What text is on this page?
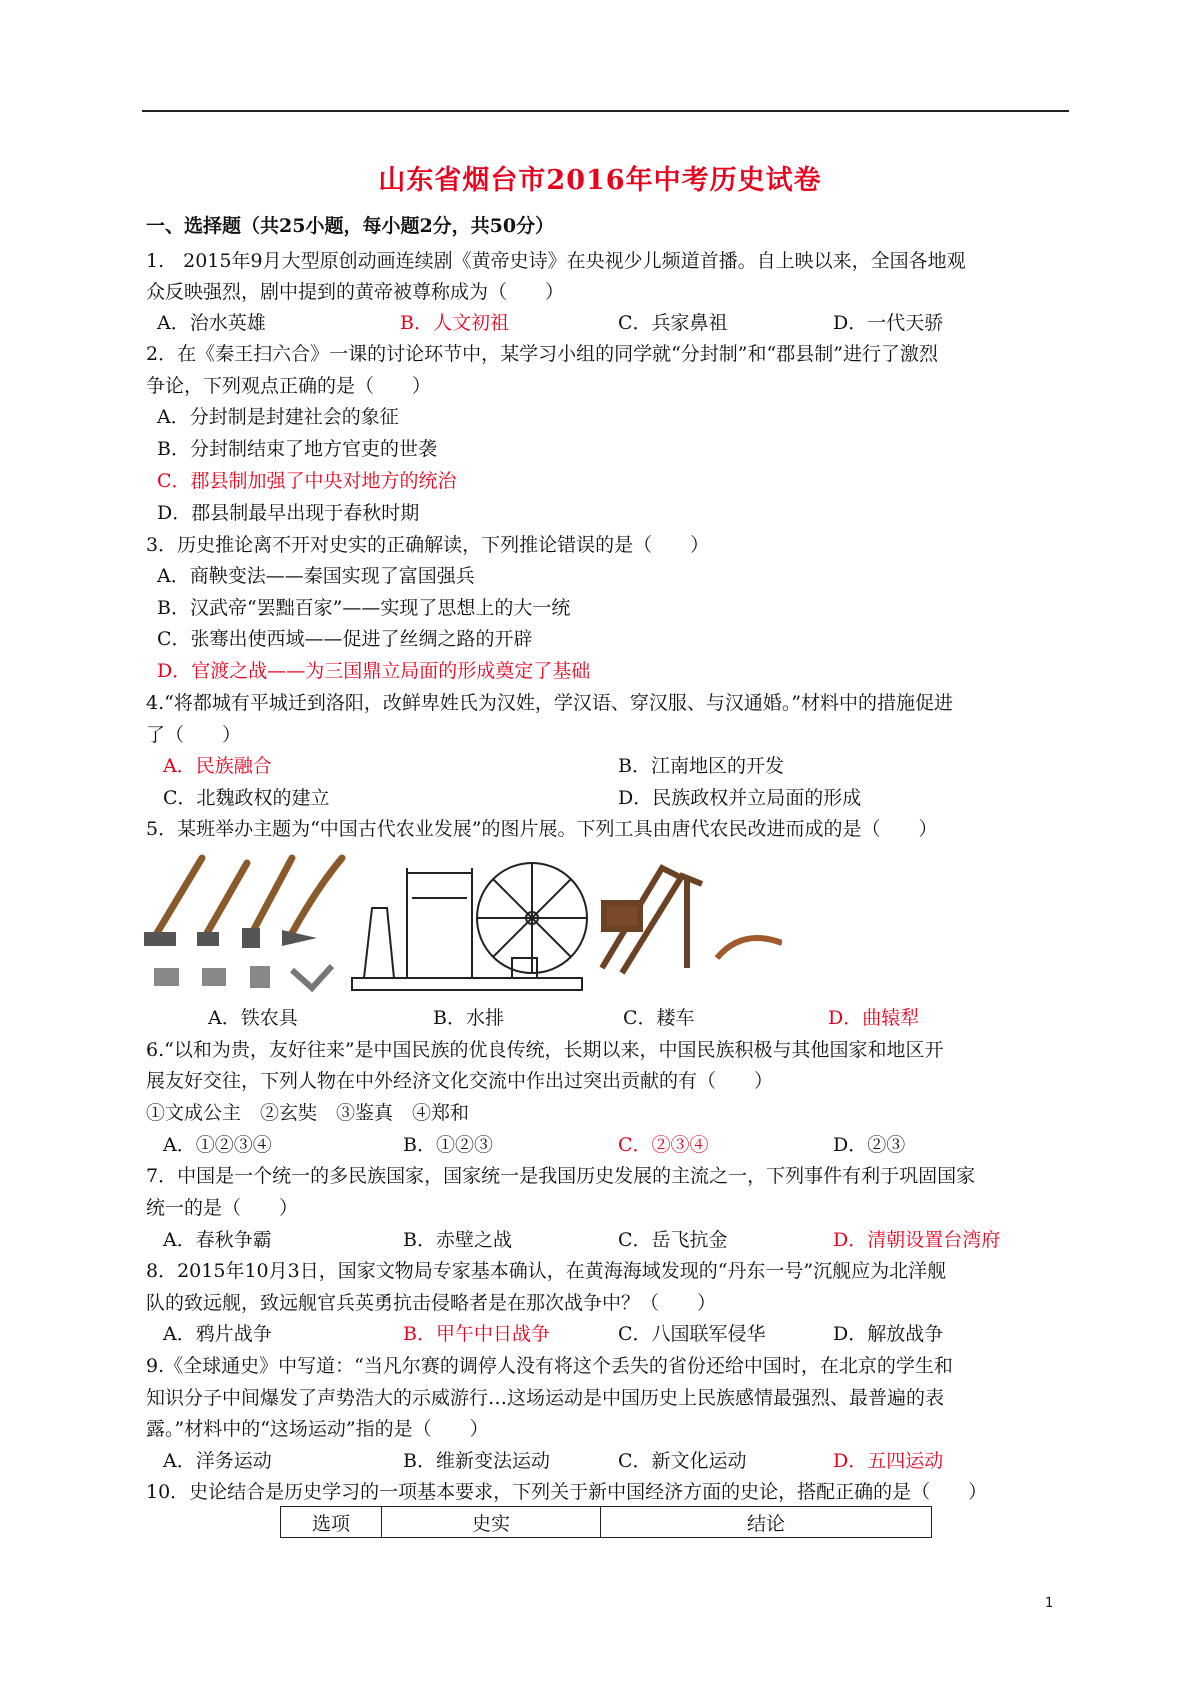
山东省烟台市2016年中考历史试卷
一、选择题（共25小题，每小题2分，共50分）
1.　2015年9月大型原创动画连续剧《黄帝史诗》在央视少儿频道首播。自上映以来，全国各地观
众反映强烈，剧中提到的黄帝被尊称成为（　　）
A．治水英雄	B．人文初祖	C．兵家鼻祖	D．一代天骄
2．在《秦王扫六合》一课的讨论环节中，某学习小组的同学就“分封制”和“郡县制”进行了激烈
争论，下列观点正确的是（　　）
A．分封制是封建社会的象征
B．分封制结束了地方官吏的世袭
C．郡县制加强了中央对地方的统治
D．郡县制最早出现于春秋时期
3．历史推论离不开对史实的正确解读，下列推论错误的是（　　）
A．商鞅变法——秦国实现了富国强兵
B．汉武帝“罢黜百家”——实现了思想上的大一统
C．张骞出使西域——促进了丝绸之路的开辟
D．官渡之战——为三国鼎立局面的形成奠定了基础
4.“将都城有平城迁到洛阳，改鲜卑姓氏为汉姓，学汉语、穿汉服、与汉通婚。”材料中的措施促进
了（　　）
A．民族融合	B．江南地区的开发
C．北魏政权的建立	D．民族政权并立局面的形成
5．某班举办主题为“中国古代农业发展”的图片展。下列工具由唐代农民改进而成的是（　　）
A．铁农具	B．水排	C．耧车	D．曲辕犁
6.“以和为贵，友好往来”是中国民族的优良传统，长期以来，中国民族积极与其他国家和地区开
展友好交往，下列人物在中外经济文化交流中作出过突出贡献的有（　　）
①文成公主　②玄奘　③鉴真　④郑和
A．①②③④	B．①②③	C．②③④	D．②③
7．中国是一个统一的多民族国家，国家统一是我国历史发展的主流之一，下列事件有利于巩固国家
统一的是（　　）
A．春秋争霸	B．赤壁之战	C．岳飞抗金	D．清朝设置台湾府
8．2015年10月3日，国家文物局专家基本确认，在黄海海域发现的“丹东一号”沉舰应为北洋舰
队的致远舰，致远舰官兵英勇抗击侵略者是在那次战争中？（　　）
A．鸦片战争	B．甲午中日战争	C．八国联军侵华	D．解放战争
9.《全球通史》中写道：“当凡尔赛的调停人没有将这个丢失的省份还给中国时，在北京的学生和
知识分子中间爆发了声势浩大的示威游行…这场运动是中国历史上民族感情最强烈、最普遍的表
露。”材料中的“这场运动”指的是（　　）
A．洋务运动	B．维新变法运动	C．新文化运动	D．五四运动
10．史论结合是历史学习的一项基本要求，下列关于新中国经济方面的史论，搭配正确的是（　　）
选项	史实	结论
1
